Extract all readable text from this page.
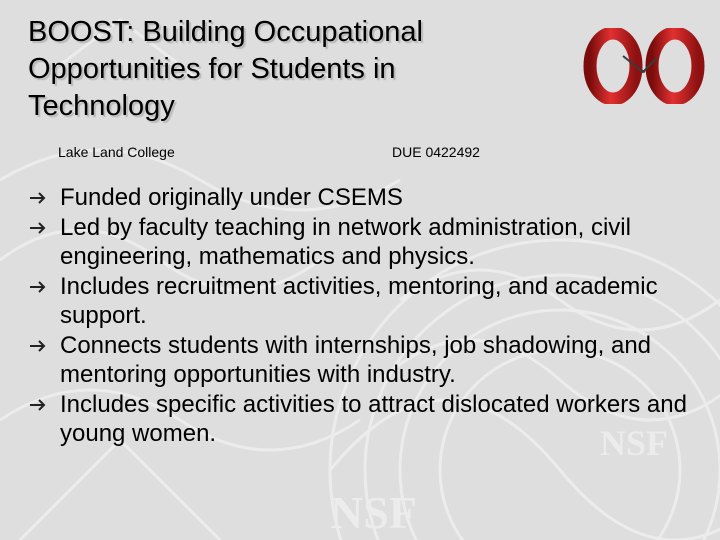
NSF
NSF
BOOST: Building Occupational Opportunities for Students in Technology
Lake Land College	DUE 0422492
Funded originally under CSEMS
Led by faculty teaching in network administration, civil engineering, mathematics and physics.
Includes recruitment activities, mentoring, and academic support.
Connects students with internships, job shadowing, and mentoring opportunities with industry.
Includes specific activities to attract dislocated workers and young women.
